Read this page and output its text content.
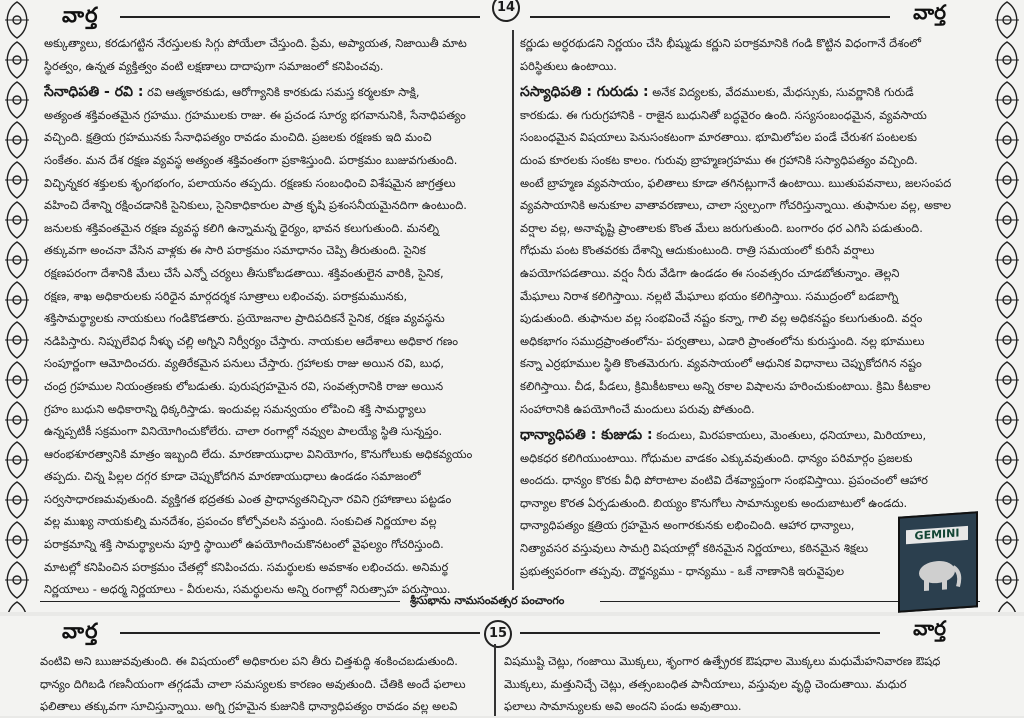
వార్త	14	వార్త

అక్కుత్యాలు, కరడుగట్టిన నేరస్తులకు సిగ్గు పోయేలా చేస్తుంది. ప్రేమ, అప్యాయత, నిజాయితీ మాట

స్థిరత్వం, ఉన్నత వ్యక్తిత్వం వంటి లక్షణాలు దాదాపుగా సమాజంలో కనిపించవు.

సేనాధిపతి - రవి : రవి ఆత్మకారకుడు, ఆరోగ్యానికి కారకుడు సమస్త కర్మలకూ సాక్షి,

అత్యంత శక్తివంతమైన గ్రహము. గ్రహములకు రాజు. ఈ ప్రచండ సూర్య భగవానునికి, సేనాధిపత్యం

వచ్చింది. క్షత్రియ గ్రహమునకు సేనాధిపత్యం రావడం మంచిది. ప్రజలకు రక్షణకు ఇది మంచి

సంకేతం. మన దేశ రక్షణ వ్యవస్థ అత్యంత శక్తివంతంగా ప్రకాశిస్తుంది. పరాక్రమం బుజువగుతుంది.

విచ్ఛిన్నకర శక్తులకు శృంగభంగం, పలాయనం తప్పదు. రక్షణకు సంబంధించి విశేషమైన జాగ్రత్తలు

వహించి దేశాన్ని రక్షించడానికి సైనికులు, సైనికాధికారుల పాత్ర కృషి ప్రశంసనీయమైనదిగా ఉంటుంది.

జనులకు శక్తివంతమైన రక్షణ వ్యవస్థ కలిగి ఉన్నామన్న ధైర్యం, భావన కలుగుతుంది. మనల్ని

తక్కువగా అంచనా వేసిన వాళ్లకు ఈ సారి పరాక్రమం సమాధానం చెప్పి తీరుతుంది. సైనిక

రక్షణపరంగా దేశానికి మేలు చేసే ఎన్నో చర్యలు తీసుకోబడతాయి. శక్తివంతులైన వారికి, సైనిక,

రక్షణ, శాఖ అధికారులకు సరిధైన మార్గదర్శక సూత్రాలు లభించవు. పరాక్రమమునకు,

శక్తిసామర్థ్యాలకు నాయకులు గండికొడతారు. ప్రయోజనాల ప్రాదిపదికనే సైనిక, రక్షణ వ్యవస్థను

నడిపిస్తారు. నిప్పులేవిధ నీళ్ళు చల్లి అగ్నిని నిర్వీర్యం చేస్తారు. నాయకుల ఆదేశాలు అధికార గణం

సంపూర్ణంగా ఆమోదించరు. వ్యతిరేకమైన పనులు చేస్తారు. గ్రహాలకు రాజు అయిన రవి, బుధ,

చంద్ర గ్రహముల నియంత్రణకు లోబడుతు. పురుషగ్రహమైన రవి, సంవత్సరానికి రాజు అయిన

గ్రహం బుధుని అధికారాన్ని ధిక్కరిస్తాడు. ఇందువల్ల సమన్వయం లోపించి శక్తి సామర్థ్యాలు

ఉన్నప్పటికీ సక్రమంగా వినియోగించుకోలేరు. చాలా రంగాల్లో నవ్వుల పాలయ్యే స్థితి సున్నప్తం.

ఆరంభశూరత్వానికి మాత్రం ఇబ్బంది లేదు. మారణాయుధాల వినియోగం, కొనుగోలుకు అధికవ్యయం

తప్పదు. చిన్న పిల్లల దగ్గర కూడా చెప్పుకోదగిన మారణాయుధాలు ఉండడం సమాజంలో

సర్వసాధారణమవుతుంది. వ్యక్తిగత భద్రతకు ఎంత ప్రాధాన్యతనిచ్చినా రవిని గ్రహాణాలు పట్టడం

వల్ల ముఖ్య నాయకుల్ని మనదేశం, ప్రపంచం కోల్పోవలసి వస్తుంది. సంకుచిత నిర్ణయాల వల్ల

పరాక్రమాన్ని శక్తి సామర్థ్యాలను పూర్తి స్థాయిలో ఉపయోగించుకొనటంలో వైఫల్యం గోచరిస్తుంది.

మాటల్లో కనిపించిన పరాక్రమం చేతల్లో కనిపించదు. సమర్థులకు అవకాశం లభించదు. అనిమర్థ

నిర్ణయాలు - అధర్మ నిర్ణయాలు - వీరులను, సమర్థులను అన్ని రంగాల్లో నిరుత్సాహ పరుస్తాయి.

కర్ణుడు అర్ధరథుడని నిర్ణయం చేసి భీష్ముడు కర్ణుని పరాక్రమానికి గండి కొట్టిన విధంగానే దేశంలో

పరిస్థితులు ఉంటాయి.

సస్యాధిపతి : గురుడు : అనేక విద్యలకు, వేదములకు, మేధస్సుకు, సువర్ణానికి గురుడే

కారకుడు. ఈ గురుగ్రహానికి - రాజైన బుధునితో బద్ధవైరం ఉంది. సస్యసంబంధమైన, వ్యవసాయ

సంబంధమైన విషయాలు పెనుసంకటంగా మారతాయి. భూమిలోపల పండే చేరుశగ పంటలకు

దుంప కూరలకు సంకట కాలం. గురువు బ్రాహ్మణగ్రహము ఈ గ్రహానికి సస్యాధిపత్యం వచ్చింది.

అంటే బ్రాహ్మణ వ్యవసాయం, ఫలితాలు కూడా తగినట్లుగానే ఉంటాయి. ఋతుపవనాలు, జలసంపద

వ్యవసాయానికి అనుకూల వాతావరణాలు, చాలా స్వల్పంగా గోచరిస్తున్నాయి. తుఫానుల వల్ల, అకాల

వర్షాల వల్ల, అనావృష్టి ప్రాంతాలకు కొంత మేలు జరుగుతుంది. బంగారం ధర ఎగిసి పడుతుంది.

గోధుమ పంట కొంతవరకు దేశాన్ని ఆదుకుంటుంది. రాత్రి సమయంలో కురిసే వర్షాలు

ఉపయోగపడతాయి. వర్షం నీరు వేడిగా ఉండడం ఈ సంవత్సరం చూడబోతున్నాం. తెల్లని

మేఘాలు నిరాశ కలిగిస్తాయి. నల్లటి మేఘాలు భయం కలిగిస్తాయి. సముద్రంలో బడబాగ్ని

పుడుతుంది. తుఫానుల వల్ల సంభవించే నష్టం కన్నా, గాలి వల్ల అధికనష్టం కలుగుతుంది. వర్షం

అధికభాగం సముద్రప్రాంతంలోను- పర్వతాలు, ఎడారి ప్రాంతంలోను కురుస్తుంది. నల్ల భూములు

కన్నా ఎర్రభూముల స్థితి కొంతమెరుగు. వ్యవసాయంలో ఆధునిక విధానాలు చెప్పుకోదగిన నష్టం

కలిగిస్తాయి. చీడ, పీడలు, క్రిమికీటకాలు అన్ని రకాల విషాలను హరించుకుంటాయి. క్రిమి కీటకాల

సంహారానికి ఉపయోగించే మందులు పరువు పోతుంది.

ధాన్యాధిపతి : కుజుడు : కందులు, మిరపకాయలు, మెంతులు, ధనియాలు, మిరియాలు,

అధికధర కలిగియుంటాయి. గోధుమల వాడకం ఎక్కువవుతుంది. ధాన్యం పరిమార్గం ప్రజలకు

అందదు. ధాన్యం కొరకు వీధి పోరాటాల వంటివి దేశవ్యాప్తంగా సంభవిస్తాయి. ప్రపంచంలో ఆహార

ధాన్యాల కొరత ఏర్పడుతుంది. బియ్యం కొనుగోలు సామాన్యులకు అందుబాటులో ఉండదు.

ధాన్యాధిపత్యం క్షత్రియ గ్రహమైన అంగారకునకు లభించింది. ఆహార ధాన్యాలు,

నిత్యావసర వస్తువులు సామగ్రి విషయాల్లో కఠినమైన నిర్ణయాలు, కఠినమైన శిక్షలు

ప్రభుత్వపరంగా తప్పవు. దౌర్జన్యము - ధాన్యము - ఒకే నాణానికి ఇరువైపుల

శ్రీసుభాను నామసంవత్సర పంచాంగం
GEMINI
వార్త	15	వార్త

వంటివి అని ఋజువవుతుంది. ఈ విషయంలో అధికారుల పని తీరు చిత్తశుద్ధి శంకించబడుతుంది.

ధాన్యం దిగిబడి గణనీయంగా తగ్గడమే చాలా సమస్యలకు కారణం అవుతుంది. చేతికి అందే ఫలాలు

ఫలితాలు తక్కువగా సూచిస్తున్నాయి. అగ్ని గ్రహమైన కుజునికి ధాన్యాధిపత్యం రావడం వల్ల అలవి

విషముష్టి చెట్లు, గంజాయి మొక్కలు, శృంగార ఉత్ప్రేరక ఔషధాల మొక్కలు మధుమేహనివారణ ఔషధ

మొక్కలు, మత్తునిచ్చే చెట్లు, తత్సంబంధిత పానీయాలు, వస్తువుల వృద్ధి చెందుతాయి. మధుర

ఫలాలు సామాన్యులకు అవి అందని పండు అవుతాయి.
